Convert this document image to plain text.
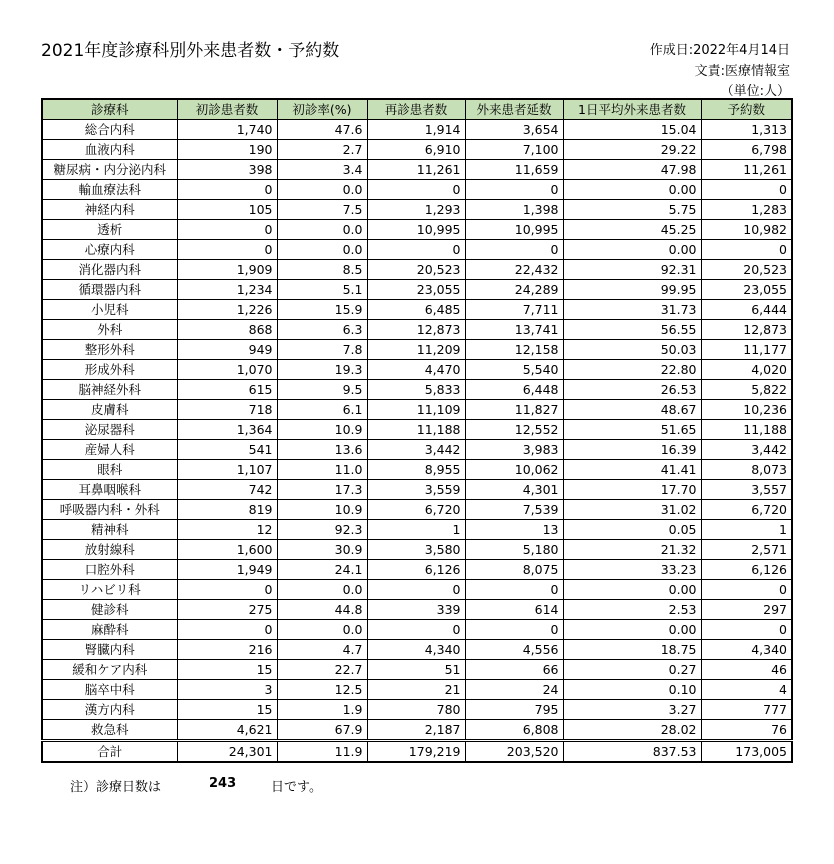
2021年度診療科別外来患者数・予約数	作成日:2022年4月14日
文責:医療情報室
（単位:人）
診療科	初診患者数	初診率(%)	再診患者数	外来患者延数	1日平均外来患者数	予約数
総合内科	1,740	47.6	1,914	3,654	15.04	1,313
血液内科	190	2.7	6,910	7,100	29.22	6,798
糖尿病・内分泌内科	398	3.4	11,261	11,659	47.98	11,261
輸血療法科	0	0.0	0	0	0.00	0
神経内科	105	7.5	1,293	1,398	5.75	1,283
透析	0	0.0	10,995	10,995	45.25	10,982
心療内科	0	0.0	0	0	0.00	0
消化器内科	1,909	8.5	20,523	22,432	92.31	20,523
循環器内科	1,234	5.1	23,055	24,289	99.95	23,055
小児科	1,226	15.9	6,485	7,711	31.73	6,444
外科	868	6.3	12,873	13,741	56.55	12,873
整形外科	949	7.8	11,209	12,158	50.03	11,177
形成外科	1,070	19.3	4,470	5,540	22.80	4,020
脳神経外科	615	9.5	5,833	6,448	26.53	5,822
皮膚科	718	6.1	11,109	11,827	48.67	10,236
泌尿器科	1,364	10.9	11,188	12,552	51.65	11,188
産婦人科	541	13.6	3,442	3,983	16.39	3,442
眼科	1,107	11.0	8,955	10,062	41.41	8,073
耳鼻咽喉科	742	17.3	3,559	4,301	17.70	3,557
呼吸器内科・外科	819	10.9	6,720	7,539	31.02	6,720
精神科	12	92.3	1	13	0.05	1
放射線科	1,600	30.9	3,580	5,180	21.32	2,571
口腔外科	1,949	24.1	6,126	8,075	33.23	6,126
リハビリ科	0	0.0	0	0	0.00	0
健診科	275	44.8	339	614	2.53	297
麻酔科	0	0.0	0	0	0.00	0
腎臓内科	216	4.7	4,340	4,556	18.75	4,340
緩和ケア内科	15	22.7	51	66	0.27	46
脳卒中科	3	12.5	21	24	0.10	4
漢方内科	15	1.9	780	795	3.27	777
救急科	4,621	67.9	2,187	6,808	28.02	76
合計	24,301	11.9	179,219	203,520	837.53	173,005
注）診療日数は	243	日です。
